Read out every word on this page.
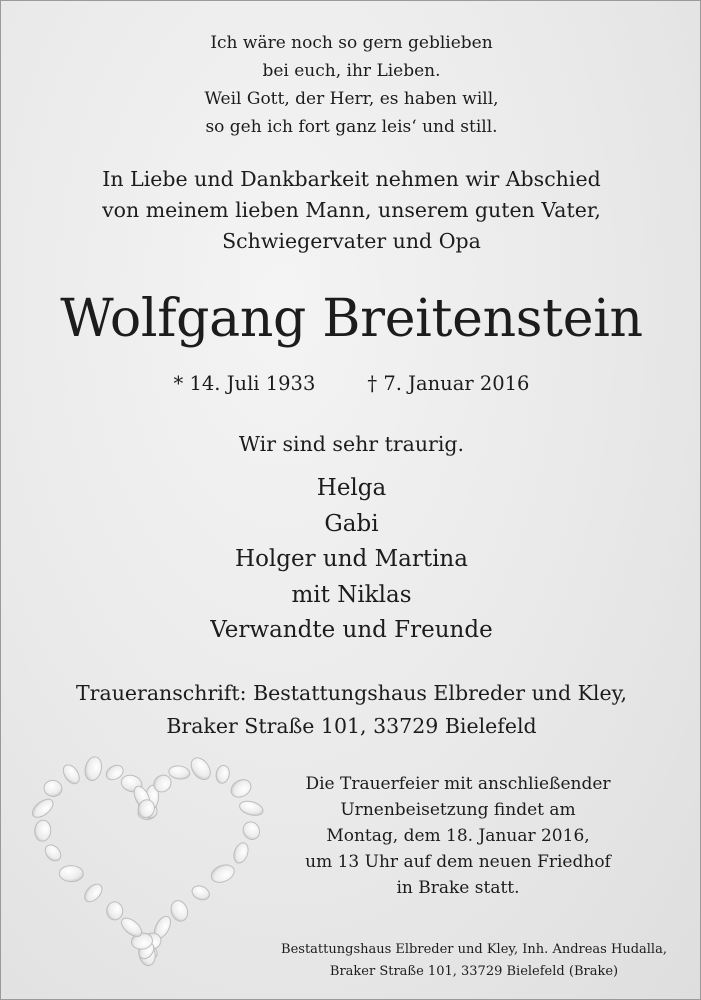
Ich wäre noch so gern geblieben
bei euch, ihr Lieben.
Weil Gott, der Herr, es haben will,
so geh ich fort ganz leis‘ und still.
In Liebe und Dankbarkeit nehmen wir Abschied
von meinem lieben Mann, unserem guten Vater,
Schwiegervater und Opa
Wolfgang Breitenstein
* 14. Juli 1933	† 7. Januar 2016
Wir sind sehr traurig.
Helga
Gabi
Holger und Martina
mit Niklas
Verwandte und Freunde
Traueranschrift: Bestattungshaus Elbreder und Kley,
Braker Straße 101, 33729 Bielefeld
Die Trauerfeier mit anschließender
Urnenbeisetzung findet am
Montag, dem 18. Januar 2016,
um 13 Uhr auf dem neuen Friedhof
in Brake statt.
Bestattungshaus Elbreder und Kley, Inh. Andreas Hudalla,
Braker Straße 101, 33729 Bielefeld (Brake)
